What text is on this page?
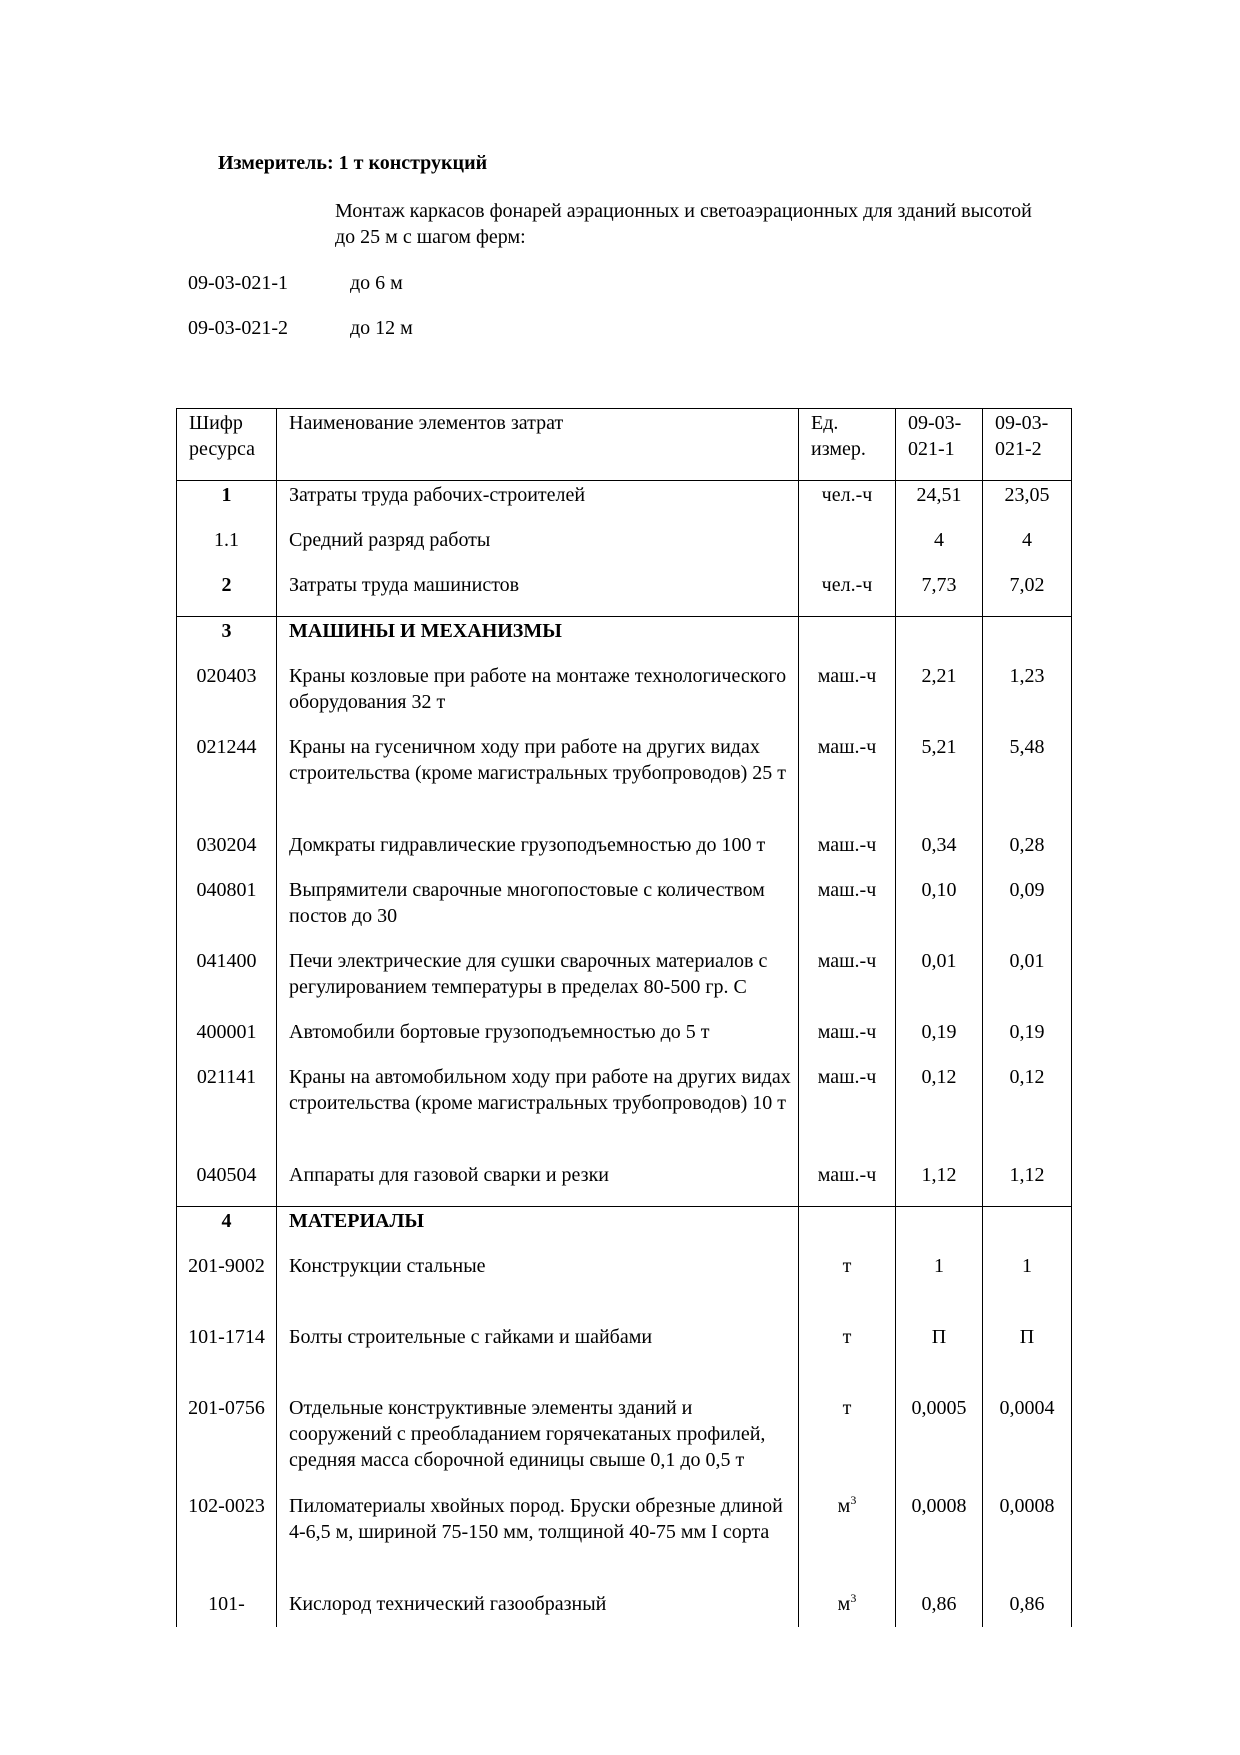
Измеритель: 1 т конструкций
Монтаж каркасов фонарей аэрационных и светоаэрационных для зданий высотой до 25 м с шагом ферм:
09-03-021-1	до 6 м
09-03-021-2	до 12 м
Шифр ресурса	Наименование элементов затрат	Ед. измер.	09-03-021-1	09-03-021-2
1	Затраты труда рабочих-строителей	чел.-ч	24,51	23,05
1.1	Средний разряд работы		4	4
2	Затраты труда машинистов	чел.-ч	7,73	7,02
3	МАШИНЫ И МЕХАНИЗМЫ			
020403	Краны козловые при работе на монтаже технологического оборудования 32 т	маш.-ч	2,21	1,23
021244	Краны на гусеничном ходу при работе на других видах строительства (кроме магистральных трубопроводов) 25 т	маш.-ч	5,21	5,48
030204	Домкраты гидравлические грузоподъемностью до 100 т	маш.-ч	0,34	0,28
040801	Выпрямители сварочные многопостовые с количеством постов до 30	маш.-ч	0,10	0,09
041400	Печи электрические для сушки сварочных материалов с регулированием температуры в пределах 80-500 гр. С	маш.-ч	0,01	0,01
400001	Автомобили бортовые грузоподъемностью до 5 т	маш.-ч	0,19	0,19
021141	Краны на автомобильном ходу при работе на других видах строительства (кроме магистральных трубопроводов) 10 т	маш.-ч	0,12	0,12
040504	Аппараты для газовой сварки и резки	маш.-ч	1,12	1,12
4	МАТЕРИАЛЫ			
201-9002	Конструкции стальные	т	1	1
101-1714	Болты строительные с гайками и шайбами	т	П	П
201-0756	Отдельные конструктивные элементы зданий и сооружений с преобладанием горячекатаных профилей, средняя масса сборочной единицы свыше 0,1 до 0,5 т	т	0,0005	0,0004
102-0023	Пиломатериалы хвойных пород. Бруски обрезные длиной 4-6,5 м, шириной 75-150 мм, толщиной 40-75 мм I сорта	$м^3$	0,0008	0,0008
101-	Кислород технический газообразный	$м^3$	0,86	0,86
